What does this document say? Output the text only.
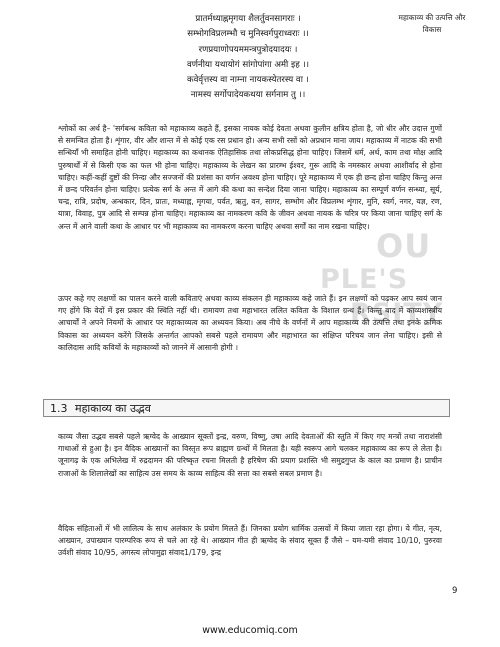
OU
PLE'S
RSITY
प्रातर्मध्याह्नमृगया शैलर्तुवनसागराः ।
सम्भोगविप्रलम्भौ च मुनिस्वर्गपुराध्वराः ।।
रणप्रयाणोपयममन्त्रपुत्रोदयादयः ।
वर्णनीया यथायोगं सांगोपांगा अमी इह ।।
कवेर्वृत्तस्य वा नाम्ना नायकस्येतरस्य वा ।
नामस्य सर्गोपादेयकथया सर्गनाम तु ।।
महाकाव्य की उत्पत्ति और
विकास

श्लोकों का अर्थ है– 'सर्गबन्ध कविता को महाकाव्य कहते हैं, इसका नायक कोई देवता अथवा कुलीन क्षत्रिय होता है, जो धीर और उदात्त गुणों से समन्वित होता है। शृंगार, वीर और शान्त में से कोई एक रस प्रधान हो। अन्य सभी रसों को अप्रधान माना जाय। महाकाव्य में नाटक की सभी सन्धियाँ भी समाहित होनी चाहिए। महाकाव्य का कथानक ऐतिहासिक तथा लोकप्रसिद्ध होना चाहिए। जिसमें धर्म, अर्थ, काम तथा मोक्ष आदि पुरुषार्थों में से किसी एक का फल भी होना चाहिए। महाकाव्य के लेखन का प्रारम्भ ईश्वर, गुरू आदि के नमस्कार अथवा आशीर्वाद से होना चाहिए। कहीं-कहीं दुष्टों की निन्दा और सज्जनों की प्रशंसा का वर्णन अवश्य होना चाहिए। पूरे महाकाव्य में एक ही छन्द होना चाहिए किन्तु अन्त में छन्द परिवर्तन होना चाहिए। प्रत्येक सर्ग के अन्त में आगे की कथा का सन्देश दिया जाना चाहिए। महाकाव्य का सम्पूर्ण वर्णन सन्ध्या, सूर्य, चन्द्र, रात्रि, प्रदोष, अन्धकार, दिन, प्रातः, मध्याह्न, मृगया, पर्वत, ऋतु, वन, सागर, सम्भोग और विप्रलम्भ शृंगार, मुनि, स्वर्ग, नगर, यज्ञ, रण, यात्रा, विवाह, पुत्र आदि से सम्पन्न होना चाहिए। महाकाव्य का नामकरण कवि के जीवन अथवा नायक के चरित्र पर किया जाना चाहिए सर्ग के अन्त में आने वाली कथा के आधार पर भी महाकाव्य का नामकरण करना चाहिए अथवा सर्गों का नाम रखना चाहिए।

ऊपर कहे गए लक्षणों का पालन करने वाली कविताएं अथवा काव्य संकलन ही महाकाव्य कहे जाते हैं। इन लक्षणों को पढ़कर आप स्वयं जान गए होंगे कि वेदों में इस प्रकार की स्थिति नहीं थी। रामायण तथा महाभारत ललित कविता के विशाल ग्रन्थ हैं। किन्तु बाद में काव्यशास्त्रीय आचार्यों ने अपने नियमों के आधार पर महाकाव्यत्व का अध्ययन किया। अब नीचे के वर्णनों में आप महाकाव्य की उत्पत्ति तथा इनके क्रमिक विकास का अध्ययन करेंगे जिसके अन्तर्गत आपको सबसे पहले रामायण और महाभारत का संक्षिप्त परिचय जान लेना चाहिए। इसी से कालिदास आदि कवियों के महाकाव्यों को जानने में आसानी होगी ।

1.3 महाकाव्य का उद्भव

काव्य जैसा उद्भव सबसे पहले ऋग्वेद के आख्यान सूक्तों इन्द्र, वरुण, विष्णु, उषा आदि देवताओं की स्तुति में किए गए मन्त्रों तथा नाराशंसी गाथाओं से हुआ है। इन वैदिक आख्यानों का विस्तृत रूप ब्राह्मण ग्रन्थों में मिलता है। यही स्वरूप आगे चलकर महाकाव्य का रूप ले लेता है। जूनागढ़ के एक अभिलेख में रुद्रदामन की परिष्कृत रचना मिलती है हरिषेण की प्रयाग प्रशस्ति भी समुद्रगुप्त के काल का प्रमाण है। प्राचीन राजाओं के शिलालेखों का साहित्य उस समय के काव्य साहित्य की सत्ता का सबसे सबल प्रमाण है।

वैदिक संहिताओं में भी लालित्य के साथ अलंकार के प्रयोग मिलते हैं। जिनका प्रयोग धार्मिक उत्सवों में किया जाता रहा होगा। ये गीत, नृत्य, आख्यान, उपाख्यान पारम्परिक रूप से चले आ रहे थे। आख्यान गीत ही ऋग्वेद के संवाद सूक्त हैं जैसे – यम-यमी संवाद 10/10, पुरुरवा उर्वशी संवाद 10/95, अगस्त्य लोपामुद्रा संवाद1/179, इन्द्र

9
www.educomiq.com
